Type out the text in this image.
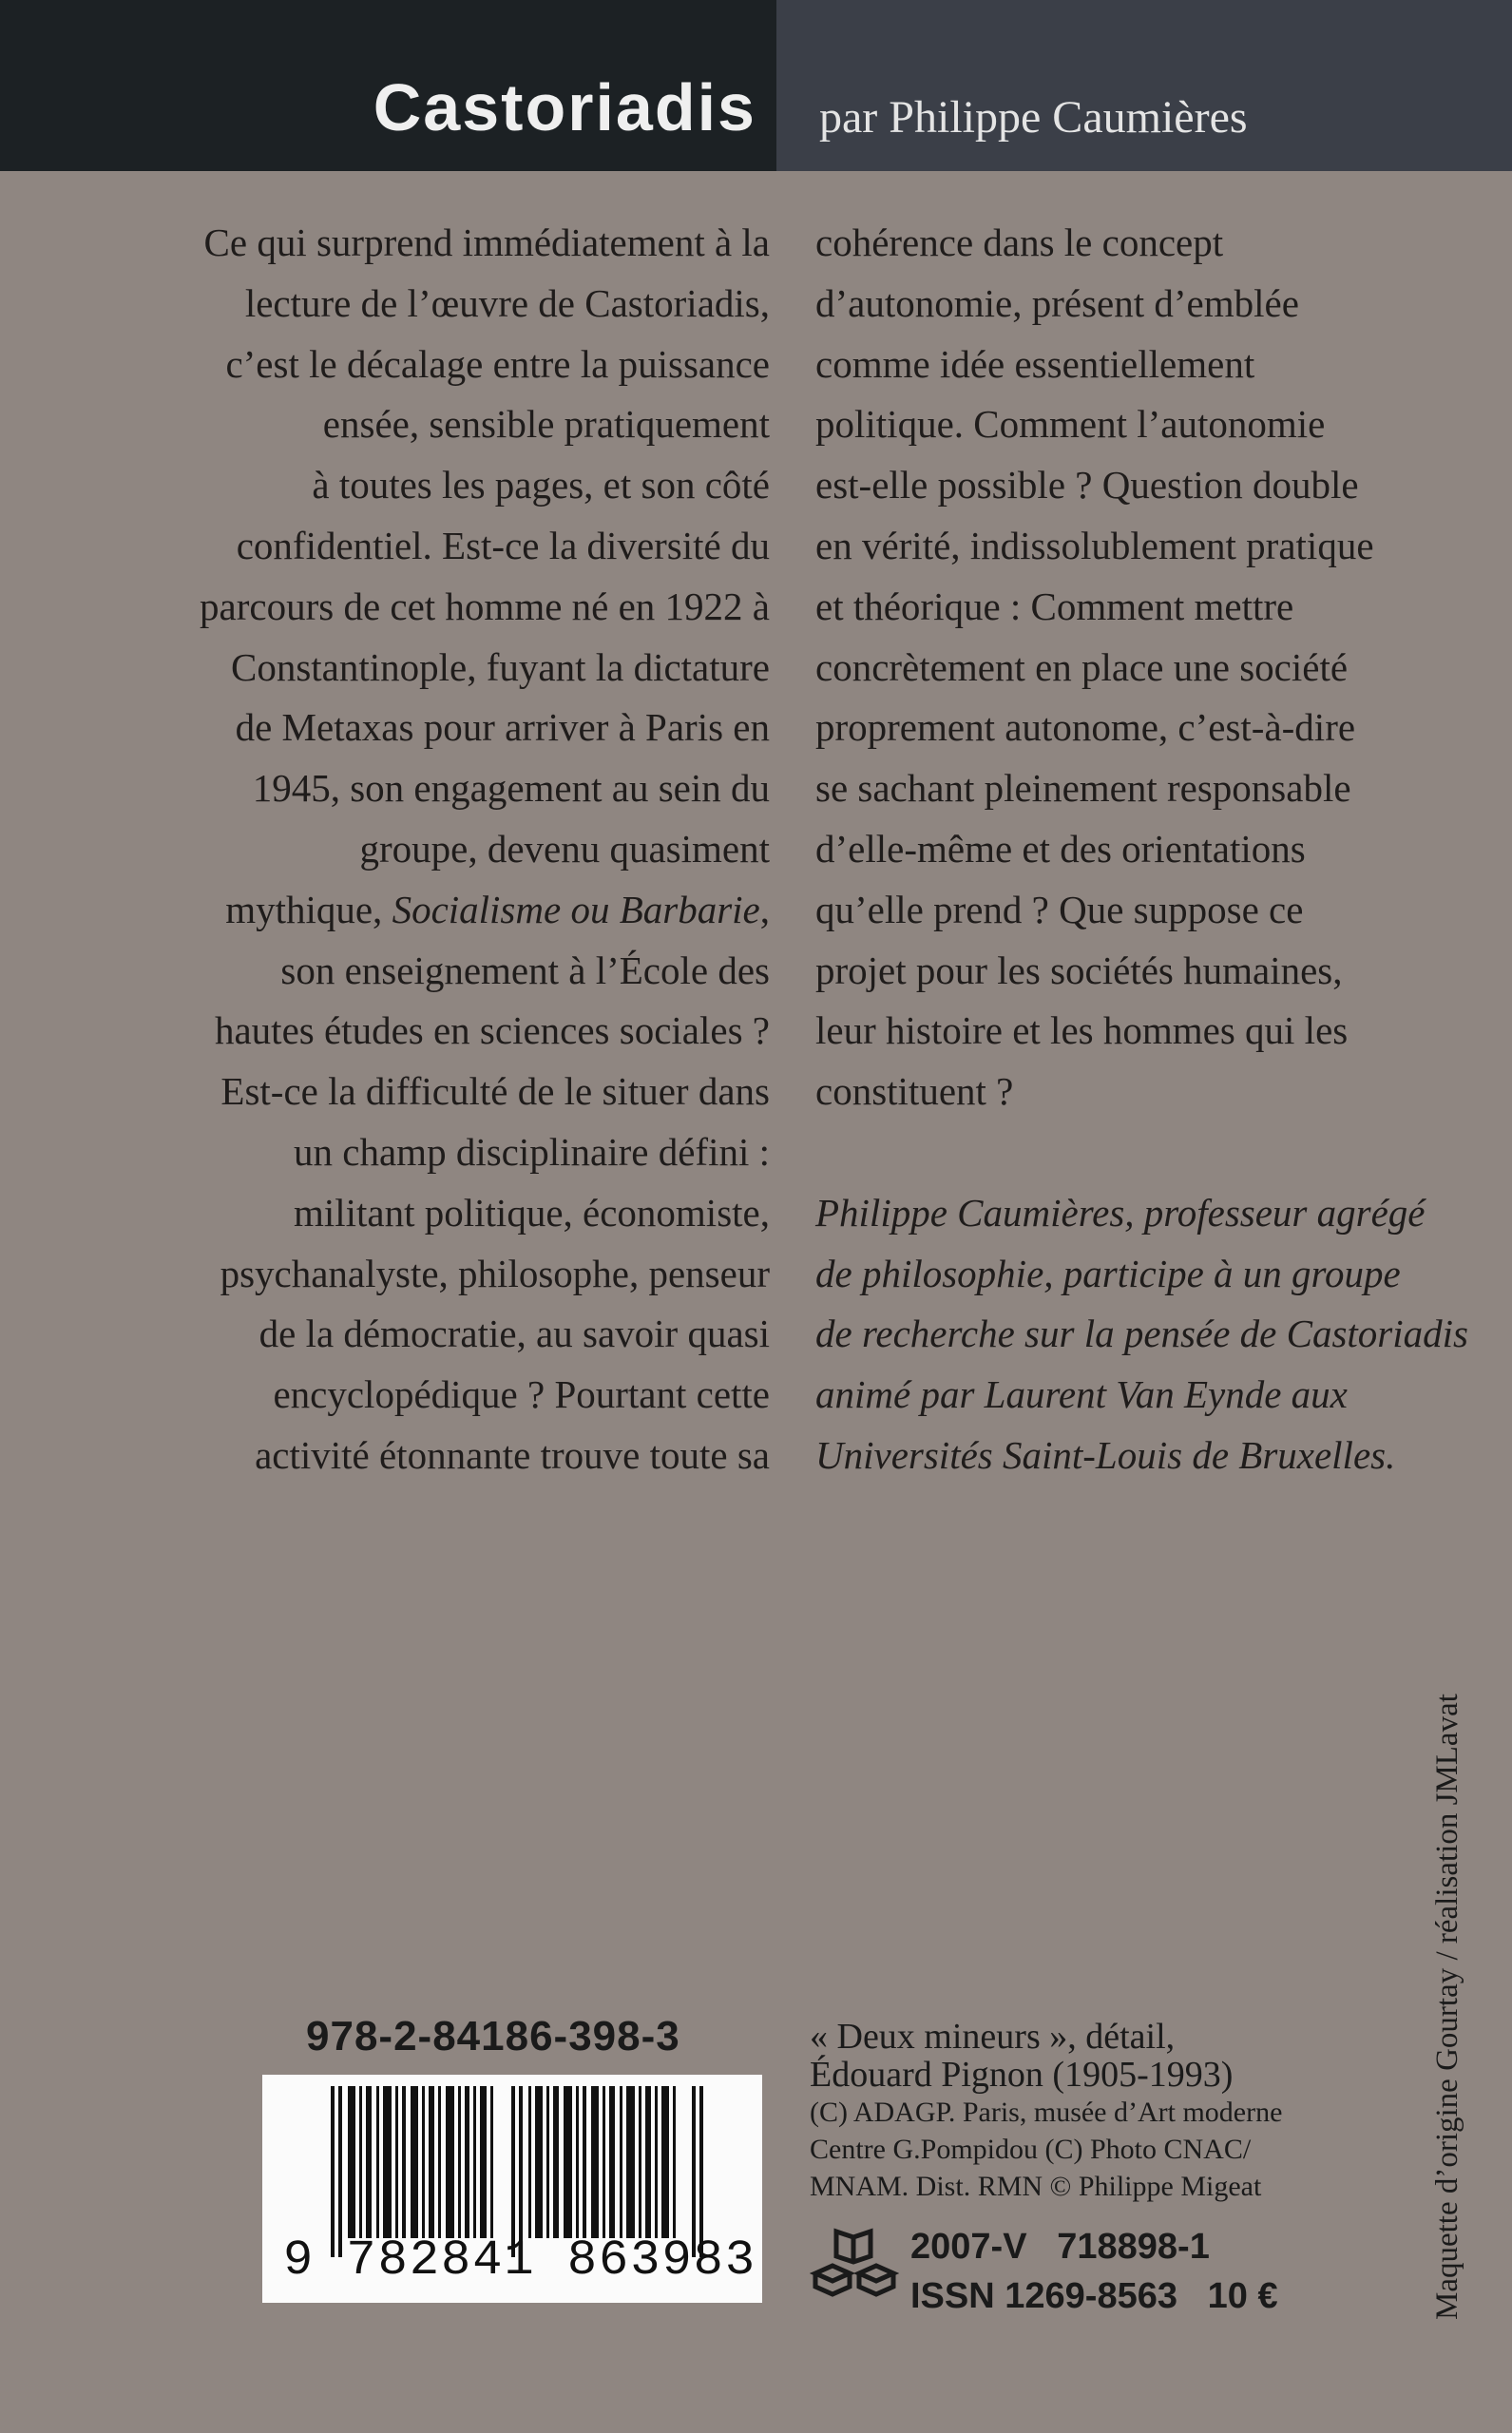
Castoriadis par Philippe Caumières
Ce qui surprend immédiatement à la
lecture de l’œuvre de Castoriadis,
c’est le décalage entre la puissance
ensée, sensible pratiquement
à toutes les pages, et son côté
confidentiel. Est-ce la diversité du
parcours de cet homme né en 1922 à
Constantinople, fuyant la dictature
de Metaxas pour arriver à Paris en
1945, son engagement au sein du
groupe, devenu quasiment
mythique, Socialisme ou Barbarie,
son enseignement à l’École des
hautes études en sciences sociales ?
Est-ce la difficulté de le situer dans
un champ disciplinaire défini :
militant politique, économiste,
psychanalyste, philosophe, penseur
de la démocratie, au savoir quasi
encyclopédique ? Pourtant cette
activité étonnante trouve toute sa
cohérence dans le concept
d’autonomie, présent d’emblée
comme idée essentiellement
politique. Comment l’autonomie
est-elle possible ? Question double
en vérité, indissolublement pratique
et théorique : Comment mettre
concrètement en place une société
proprement autonome, c’est-à-dire
se sachant pleinement responsable
d’elle-même et des orientations
qu’elle prend ? Que suppose ce
projet pour les sociétés humaines,
leur histoire et les hommes qui les
constituent ?
Philippe Caumières, professeur agrégé
de philosophie, participe à un groupe
de recherche sur la pensée de Castoriadis
animé par Laurent Van Eynde aux
Universités Saint-Louis de Bruxelles.
978-2-84186-398-3
9 782841 863983
« Deux mineurs », détail,
Édouard Pignon (1905-1993)
(C) ADAGP. Paris, musée d’Art moderne
Centre G.Pompidou (C) Photo CNAC/
MNAM. Dist. RMN © Philippe Migeat
2007-V 718898-1
ISSN 1269-8563 10 €	Maquette d’origine Gourtay / réalisation JMLavat
